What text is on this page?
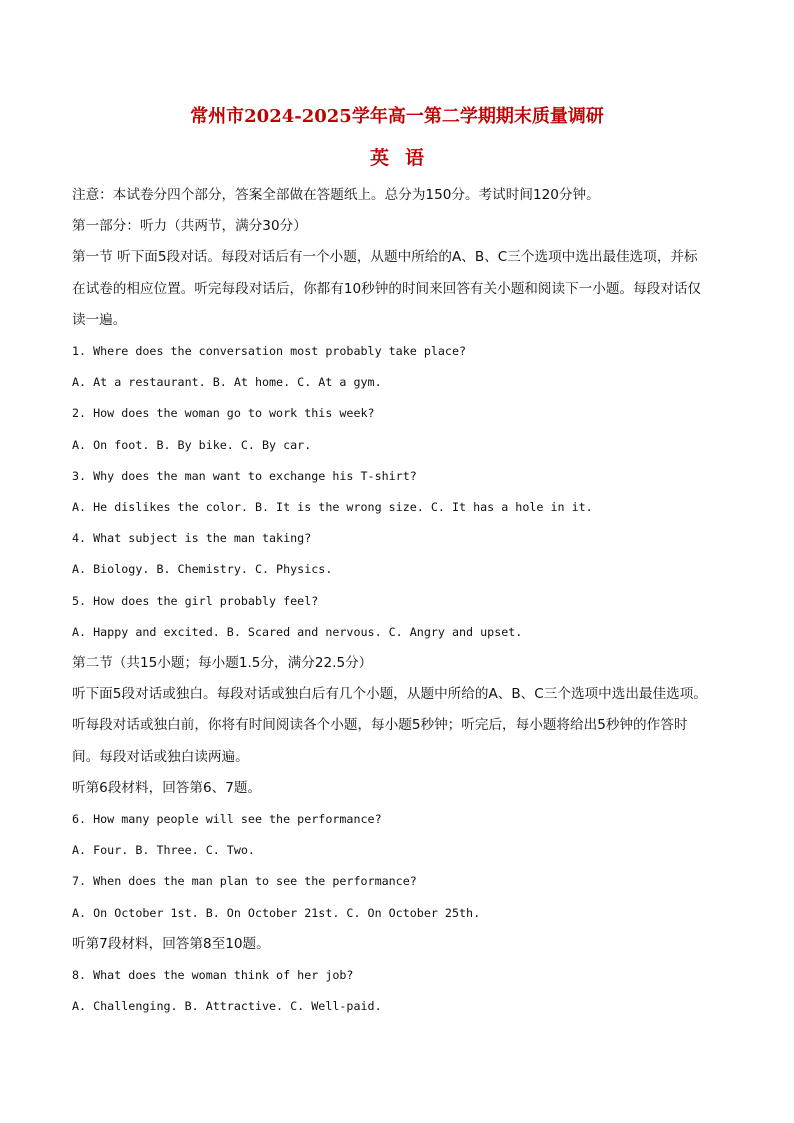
常州市2024-2025学年高一第二学期期末质量调研
英语
注意：本试卷分四个部分，答案全部做在答题纸上。总分为150分。考试时间120分钟。
第一部分：听力（共两节，满分30分）
第一节 听下面5段对话。每段对话后有一个小题，从题中所给的A、B、C三个选项中选出最佳选项，并标
在试卷的相应位置。听完每段对话后，你都有10秒钟的时间来回答有关小题和阅读下一小题。每段对话仅
读一遍。
1. Where does the conversation most probably take place?
A. At a restaurant. B. At home. C. At a gym.
2. How does the woman go to work this week?
A. On foot. B. By bike. C. By car.
3. Why does the man want to exchange his T-shirt?
A. He dislikes the color. B. It is the wrong size. C. It has a hole in it.
4. What subject is the man taking?
A. Biology. B. Chemistry. C. Physics.
5. How does the girl probably feel?
A. Happy and excited. B. Scared and nervous. C. Angry and upset.
第二节（共15小题；每小题1.5分，满分22.5分）
听下面5段对话或独白。每段对话或独白后有几个小题，从题中所给的A、B、C三个选项中选出最佳选项。
听每段对话或独白前，你将有时间阅读各个小题，每小题5秒钟；听完后，每小题将给出5秒钟的作答时
间。每段对话或独白读两遍。
听第6段材料，回答第6、7题。
6. How many people will see the performance?
A. Four. B. Three. C. Two.
7. When does the man plan to see the performance?
A. On October 1st. B. On October 21st. C. On October 25th.
听第7段材料，回答第8至10题。
8. What does the woman think of her job?
A. Challenging. B. Attractive. C. Well-paid.
